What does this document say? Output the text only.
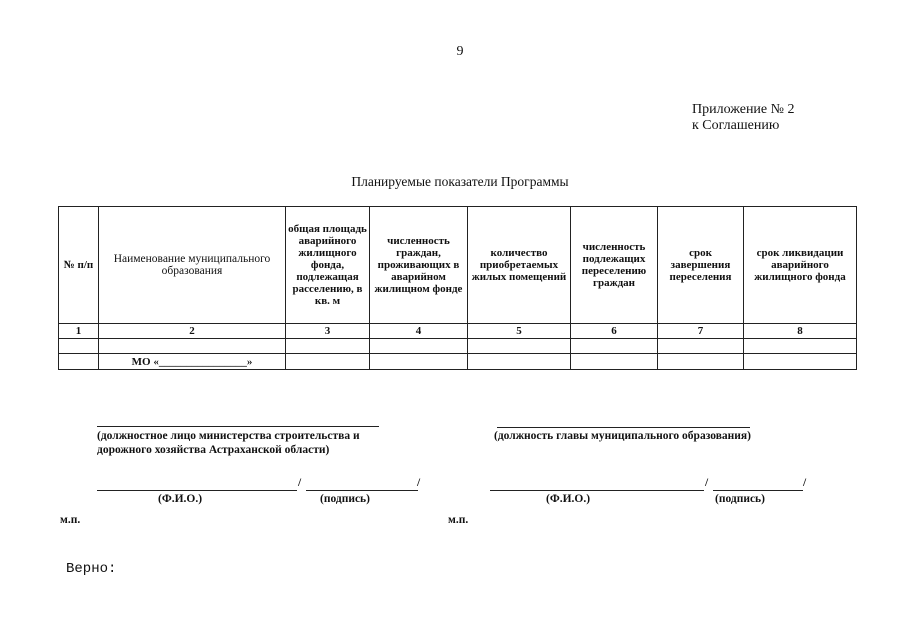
9
Приложение № 2
к Соглашению
Планируемые показатели Программы
№ п/п	Наименование муниципального образования	общая площадь аварийного жилищного фонда, подлежащая расселению, в кв. м	численность граждан, проживающих в аварийном жилищном фонде	количество приобретаемых жилых помещений	численность подлежащих переселению граждан	срок завершения переселения	срок ликвидации аварийного жилищного фонда
1	2	3	4	5	6	7	8

	МО «________________»						
(должностное лицо министерства строительства и дорожного хозяйства Астраханской области)
/	/
(Ф.И.О.)	(подпись)
м.п.
(должность главы муниципального образования)
/	/
(Ф.И.О.)	(подпись)
м.п.
Верно:
